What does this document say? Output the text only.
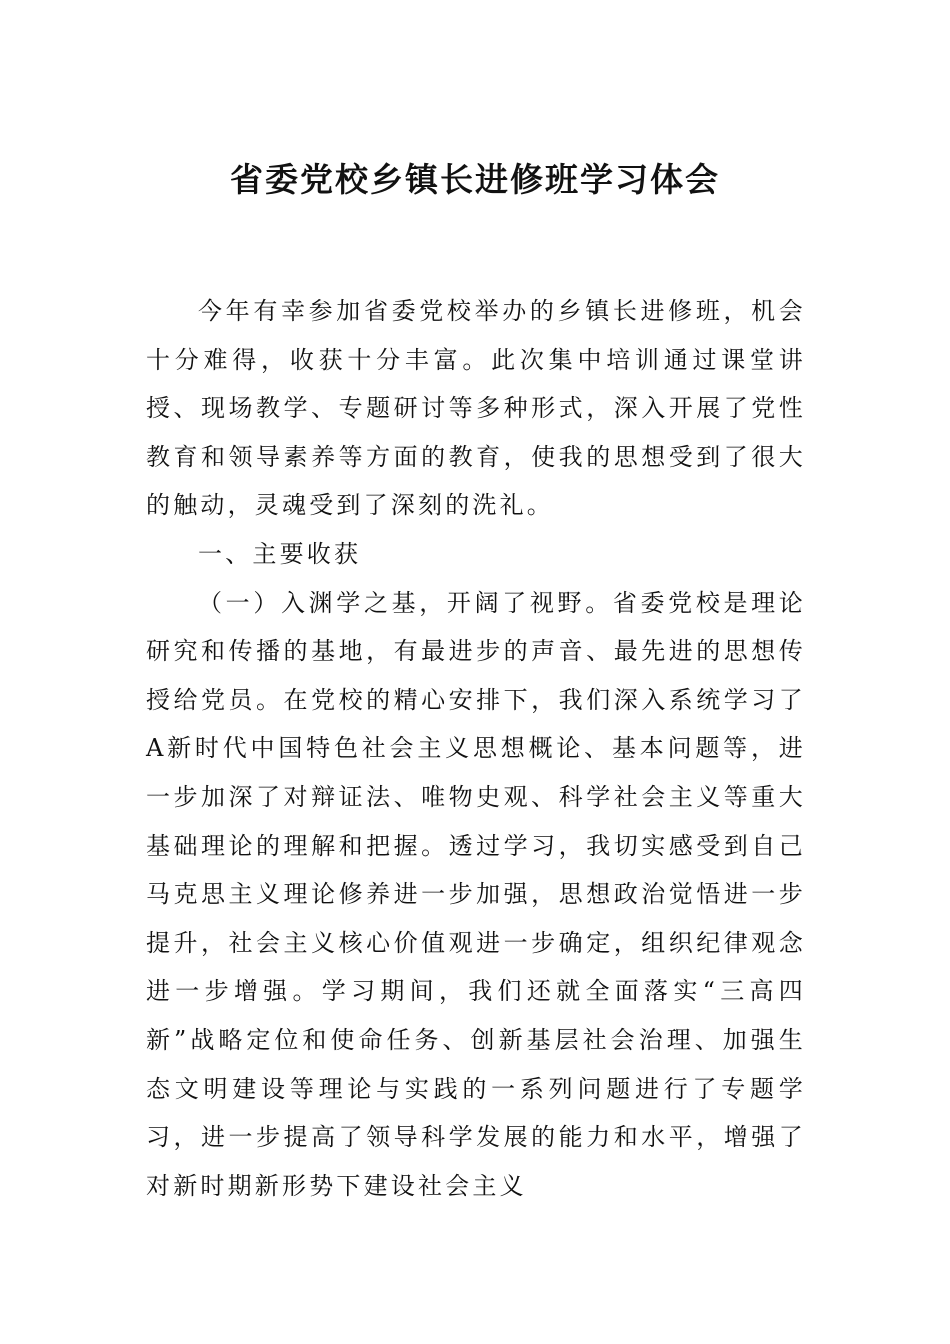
省委党校乡镇长进修班学习体会

今年有幸参加省委党校举办的乡镇长进修班，机会十分难得，收获十分丰富。此次集中培训通过课堂讲授、现场教学、专题研讨等多种形式，深入开展了党性教育和领导素养等方面的教育，使我的思想受到了很大的触动，灵魂受到了深刻的洗礼。

一、主要收获

（一）入渊学之基，开阔了视野。省委党校是理论研究和传播的基地，有最进步的声音、最先进的思想传授给党员。在党校的精心安排下，我们深入系统学习了A新时代中国特色社会主义思想概论、基本问题等，进一步加深了对辩证法、唯物史观、科学社会主义等重大基础理论的理解和把握。透过学习，我切实感受到自己马克思主义理论修养进一步加强，思想政治觉悟进一步提升，社会主义核心价值观进一步确定，组织纪律观念进一步增强。学习期间，我们还就全面落实“三高四新”战略定位和使命任务、创新基层社会治理、加强生态文明建设等理论与实践的一系列问题进行了专题学习，进一步提高了领导科学发展的能力和水平，增强了对新时期新形势下建设社会主义
